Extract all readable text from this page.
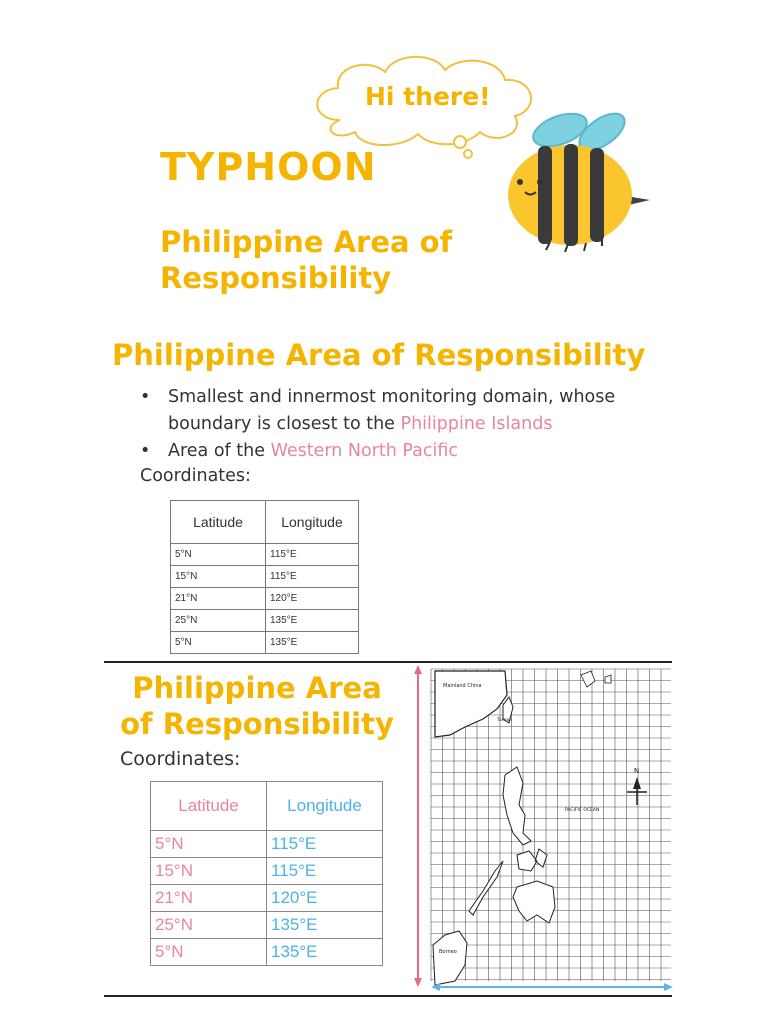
Hi there!
TYPHOON
Philippine Area of Responsibility
Philippine Area of Responsibility
• Smallest and innermost monitoring domain, whose boundary is closest to the Philippine Islands
• Area of the Western North Pacific
Coordinates:
Latitude	Longitude
5°N	115°E
15°N	115°E
21°N	120°E
25°N	135°E
5°N	135°E
Philippine Area of Responsibility
Coordinates:
Latitude	Longitude
5°N	115°E
15°N	115°E
21°N	120°E
25°N	135°E
5°N	135°E
N
Mainland China
Taiwan
PACIFIC OCEAN
Borneo
